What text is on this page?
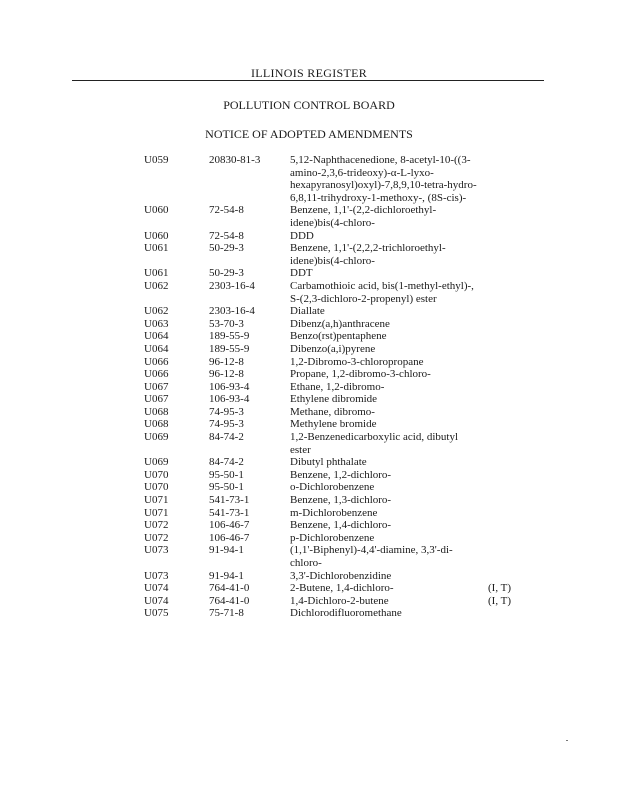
ILLINOIS REGISTER
POLLUTION CONTROL BOARD
NOTICE OF ADOPTED AMENDMENTS
U059	20830-81-3	5,12-Naphthacenedione, 8-acetyl-10-((3-amino-2,3,6-trideoxy)-α-L-lyxo-hexapyranosyl)oxyl)-7,8,9,10-tetra-hydro-6,8,11-trihydroxy-1-methoxy-, (8S-cis)-
U060	72-54-8	Benzene, 1,1'-(2,2-dichloroethyl-idene)bis(4-chloro-
U060	72-54-8	DDD
U061	50-29-3	Benzene, 1,1'-(2,2,2-trichloroethyl-idene)bis(4-chloro-
U061	50-29-3	DDT
U062	2303-16-4	Carbamothioic acid, bis(1-methyl-ethyl)-, S-(2,3-dichloro-2-propenyl) ester
U062	2303-16-4	Diallate
U063	53-70-3	Dibenz(a,h)anthracene
U064	189-55-9	Benzo(rst)pentaphene
U064	189-55-9	Dibenzo(a,i)pyrene
U066	96-12-8	1,2-Dibromo-3-chloropropane
U066	96-12-8	Propane, 1,2-dibromo-3-chloro-
U067	106-93-4	Ethane, 1,2-dibromo-
U067	106-93-4	Ethylene dibromide
U068	74-95-3	Methane, dibromo-
U068	74-95-3	Methylene bromide
U069	84-74-2	1,2-Benzenedicarboxylic acid, dibutyl ester
U069	84-74-2	Dibutyl phthalate
U070	95-50-1	Benzene, 1,2-dichloro-
U070	95-50-1	o-Dichlorobenzene
U071	541-73-1	Benzene, 1,3-dichloro-
U071	541-73-1	m-Dichlorobenzene
U072	106-46-7	Benzene, 1,4-dichloro-
U072	106-46-7	p-Dichlorobenzene
U073	91-94-1	(1,1'-Biphenyl)-4,4'-diamine, 3,3'-di-chloro-
U073	91-94-1	3,3'-Dichlorobenzidine
U074	764-41-0	2-Butene, 1,4-dichloro-	(I, T)
U074	764-41-0	1,4-Dichloro-2-butene	(I, T)
U075	75-71-8	Dichlorodifluoromethane
